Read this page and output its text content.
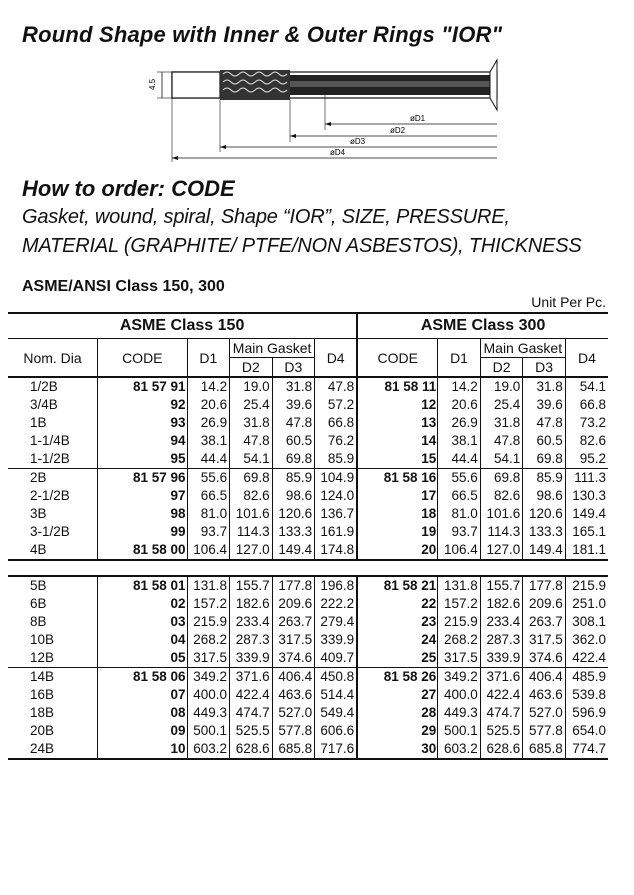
Round Shape with Inner & Outer Rings "IOR"
4.5
øD1
øD2
øD3
øD4
How to order: CODE
Gasket, wound, spiral, Shape “IOR”, SIZE, PRESSURE,
MATERIAL (GRAPHITE/ PTFE/NON ASBESTOS), THICKNESS
ASME/ANSI Class 150, 300
Unit Per Pc.
ASME Class 150						ASME Class 300				
Nom. Dia	CODE	D1	Main Gasket		D4	CODE	D1	Main Gasket		D4
			D2	D3				D2	D3	
1/2B	81 57 91	14.2	19.0	31.8	47.8	81 58 11	14.2	19.0	31.8	54.1
3/4B	92	20.6	25.4	39.6	57.2	12	20.6	25.4	39.6	66.8
1B	93	26.9	31.8	47.8	66.8	13	26.9	31.8	47.8	73.2
1-1/4B	94	38.1	47.8	60.5	76.2	14	38.1	47.8	60.5	82.6
1-1/2B	95	44.4	54.1	69.8	85.9	15	44.4	54.1	69.8	95.2
2B	81 57 96	55.6	69.8	85.9	104.9	81 58 16	55.6	69.8	85.9	111.3
2-1/2B	97	66.5	82.6	98.6	124.0	17	66.5	82.6	98.6	130.3
3B	98	81.0	101.6	120.6	136.7	18	81.0	101.6	120.6	149.4
3-1/2B	99	93.7	114.3	133.3	161.9	19	93.7	114.3	133.3	165.1
4B	81 58 00	106.4	127.0	149.4	174.8	20	106.4	127.0	149.4	181.1

5B	81 58 01	131.8	155.7	177.8	196.8	81 58 21	131.8	155.7	177.8	215.9
6B	02	157.2	182.6	209.6	222.2	22	157.2	182.6	209.6	251.0
8B	03	215.9	233.4	263.7	279.4	23	215.9	233.4	263.7	308.1
10B	04	268.2	287.3	317.5	339.9	24	268.2	287.3	317.5	362.0
12B	05	317.5	339.9	374.6	409.7	25	317.5	339.9	374.6	422.4
14B	81 58 06	349.2	371.6	406.4	450.8	81 58 26	349.2	371.6	406.4	485.9
16B	07	400.0	422.4	463.6	514.4	27	400.0	422.4	463.6	539.8
18B	08	449.3	474.7	527.0	549.4	28	449.3	474.7	527.0	596.9
20B	09	500.1	525.5	577.8	606.6	29	500.1	525.5	577.8	654.0
24B	10	603.2	628.6	685.8	717.6	30	603.2	628.6	685.8	774.7
